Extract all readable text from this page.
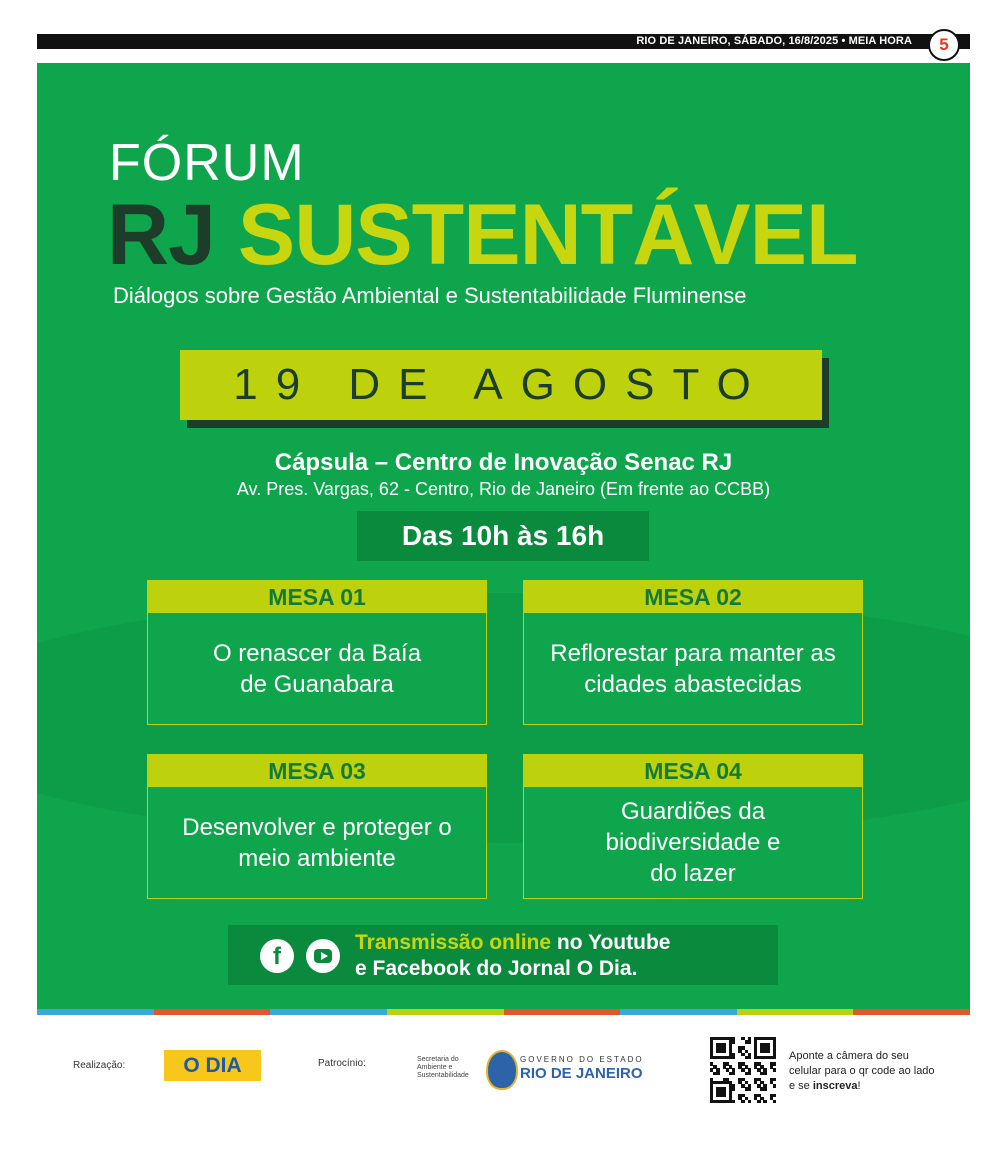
RIO DE JANEIRO, SÁBADO, 16/8/2025 • MEIA HORA	5
FÓRUM
RJ SUSTENTÁVEL
Diálogos sobre Gestão Ambiental e Sustentabilidade Fluminense
19 DE AGOSTO
Cápsula – Centro de Inovação Senac RJ
Av. Pres. Vargas, 62 - Centro, Rio de Janeiro (Em frente ao CCBB)
Das 10h às 16h
MESA 01
O renascer da Baía de Guanabara
MESA 02
Reflorestar para manter as cidades abastecidas
MESA 03
Desenvolver e proteger o meio ambiente
MESA 04
Guardiões da biodiversidade e do lazer
f
Transmissão online no Youtube
e Facebook do Jornal O Dia.
Realização:	O DIA	Patrocínio:	Secretaria do
Ambiente e
Sustentabilidade
GOVERNO DO ESTADO
RIO DE JANEIRO
Aponte a câmera do seu celular para o qr code ao lado e se inscreva!
